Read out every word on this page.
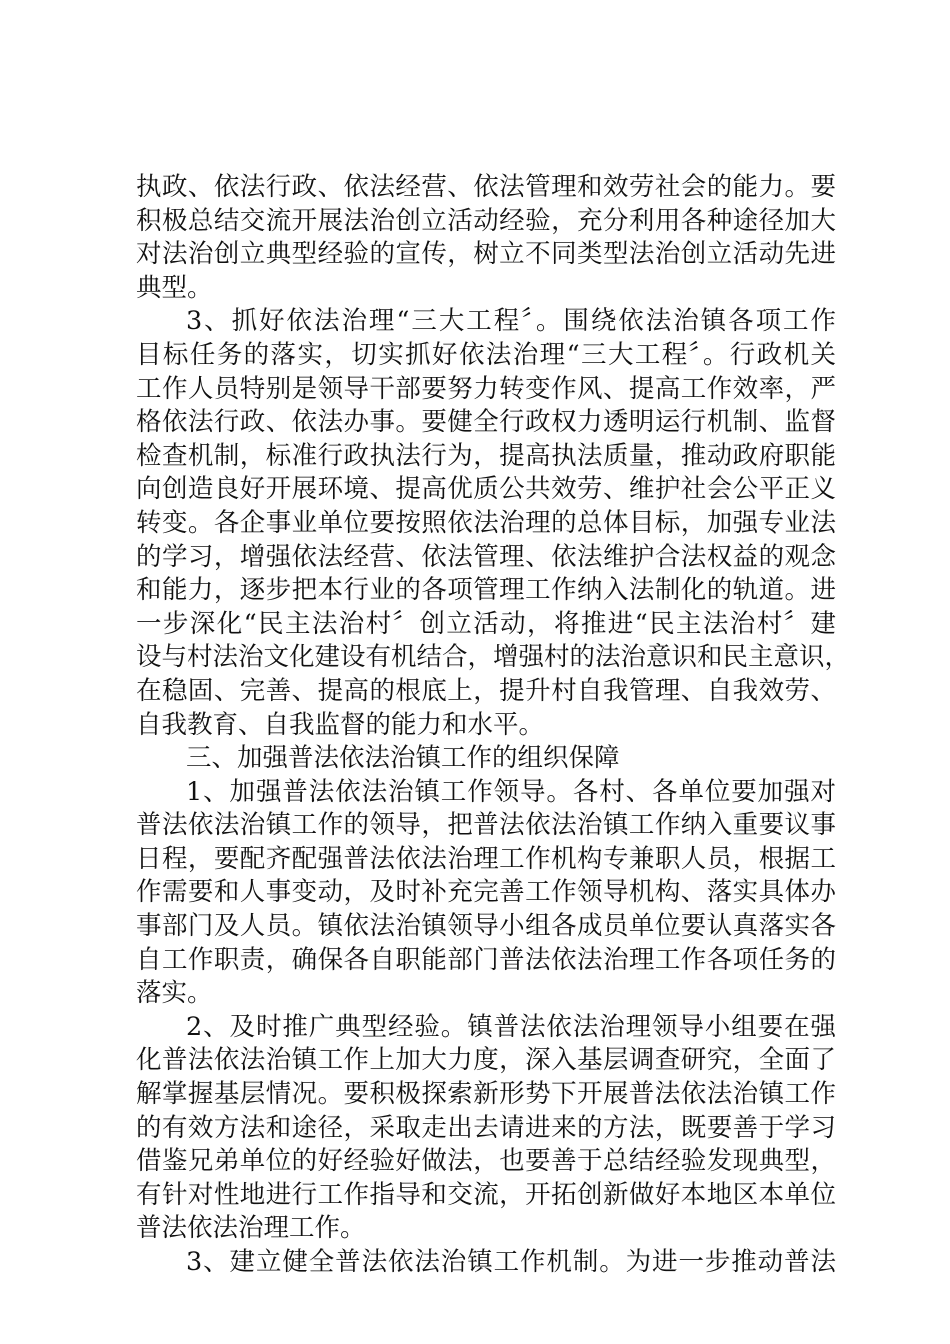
执政、依法行政、依法经营、依法管理和效劳社会的能力。要
积极总结交流开展法治创立活动经验，充分利用各种途径加大
对法治创立典型经验的宣传，树立不同类型法治创立活动先进
典型。
3、抓好依法治理“三大工程〞。围绕依法治镇各项工作
目标任务的落实，切实抓好依法治理“三大工程〞。行政机关
工作人员特别是领导干部要努力转变作风、提高工作效率，严
格依法行政、依法办事。要健全行政权力透明运行机制、监督
检查机制，标准行政执法行为，提高执法质量，推动政府职能
向创造良好开展环境、提高优质公共效劳、维护社会公平正义
转变。各企事业单位要按照依法治理的总体目标，加强专业法
的学习，增强依法经营、依法管理、依法维护合法权益的观念
和能力，逐步把本行业的各项管理工作纳入法制化的轨道。进
一步深化“民主法治村〞创立活动，将推进“民主法治村〞建
设与村法治文化建设有机结合，增强村的法治意识和民主意识，
在稳固、完善、提高的根底上，提升村自我管理、自我效劳、
自我教育、自我监督的能力和水平。
三、加强普法依法治镇工作的组织保障
1、加强普法依法治镇工作领导。各村、各单位要加强对
普法依法治镇工作的领导，把普法依法治镇工作纳入重要议事
日程，要配齐配强普法依法治理工作机构专兼职人员，根据工
作需要和人事变动，及时补充完善工作领导机构、落实具体办
事部门及人员。镇依法治镇领导小组各成员单位要认真落实各
自工作职责，确保各自职能部门普法依法治理工作各项任务的
落实。
2、及时推广典型经验。镇普法依法治理领导小组要在强
化普法依法治镇工作上加大力度，深入基层调查研究，全面了
解掌握基层情况。要积极探索新形势下开展普法依法治镇工作
的有效方法和途径，采取走出去请进来的方法，既要善于学习
借鉴兄弟单位的好经验好做法，也要善于总结经验发现典型，
有针对性地进行工作指导和交流，开拓创新做好本地区本单位
普法依法治理工作。
3、建立健全普法依法治镇工作机制。为进一步推动普法
